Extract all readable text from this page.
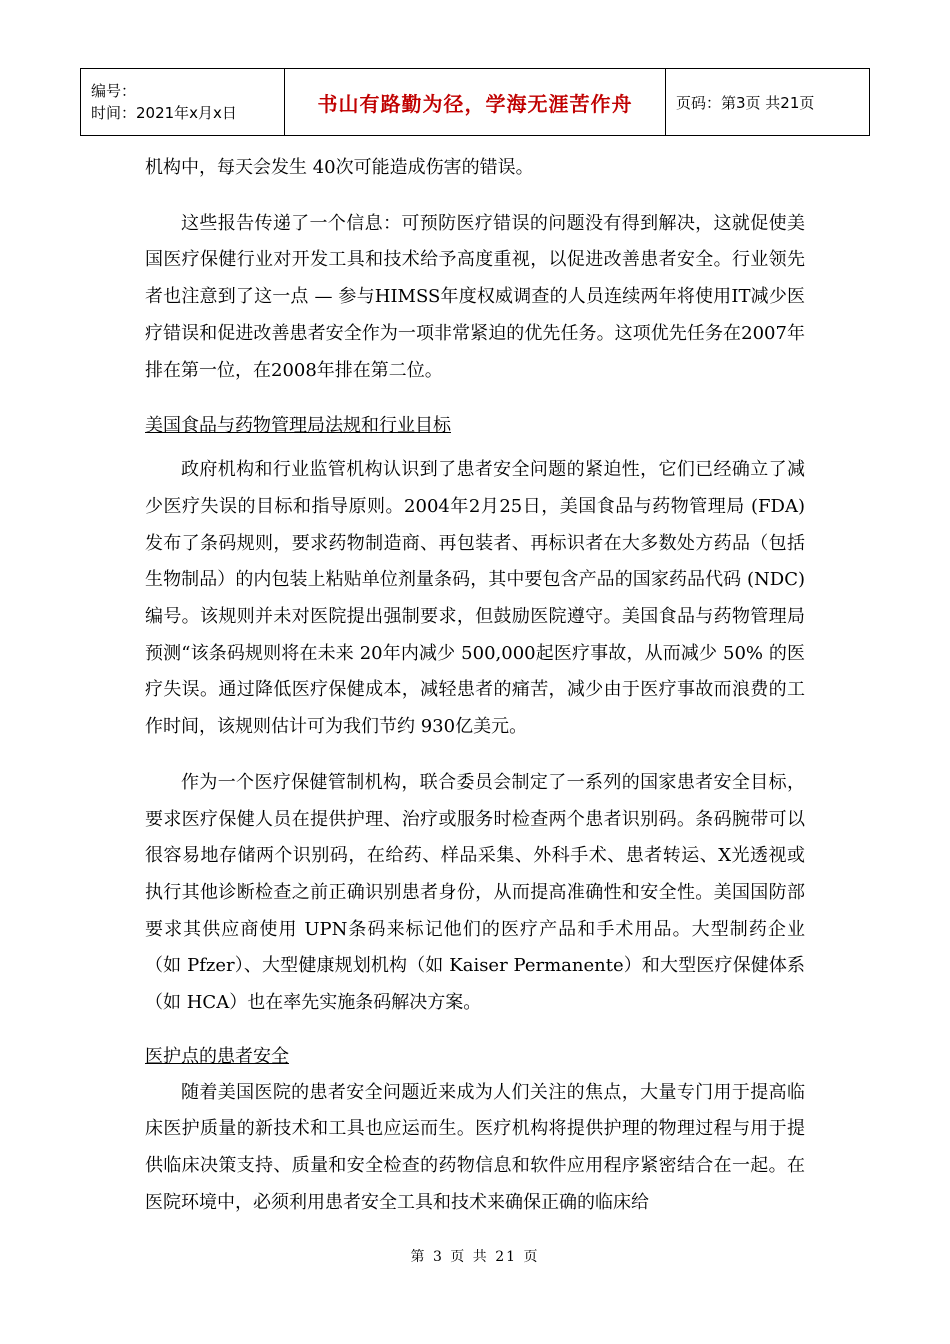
编号：
时间：2021年x月x日	书山有路勤为径，学海无涯苦作舟	页码：第3页 共21页

机构中，每天会发生 40次可能造成伤害的错误。

这些报告传递了一个信息：可预防医疗错误的问题没有得到解决，这就促使美国医疗保健行业对开发工具和技术给予高度重视，以促进改善患者安全。行业领先者也注意到了这一点 — 参与HIMSS年度权威调查的人员连续两年将使用IT减少医疗错误和促进改善患者安全作为一项非常紧迫的优先任务。这项优先任务在2007年排在第一位，在2008年排在第二位。

美国食品与药物管理局法规和行业目标

政府机构和行业监管机构认识到了患者安全问题的紧迫性，它们已经确立了减少医疗失误的目标和指导原则。2004年2月25日，美国食品与药物管理局 (FDA) 发布了条码规则，要求药物制造商、再包装者、再标识者在大多数处方药品（包括生物制品）的内包装上粘贴单位剂量条码，其中要包含产品的国家药品代码 (NDC) 编号。该规则并未对医院提出强制要求，但鼓励医院遵守。美国食品与药物管理局 预测“该条码规则将在未来 20年内减少 500,000起医疗事故，从而减少 50% 的医疗失误。通过降低医疗保健成本，减轻患者的痛苦，减少由于医疗事故而浪费的工作时间，该规则估计可为我们节约 930亿美元。

作为一个医疗保健管制机构，联合委员会制定了一系列的国家患者安全目标，要求医疗保健人员在提供护理、治疗或服务时检查两个患者识别码。条码腕带可以很容易地存储两个识别码，在给药、样品采集、外科手术、患者转运、X光透视或执行其他诊断检查之前正确识别患者身份，从而提高准确性和安全性。美国国防部要求其供应商使用 UPN条码来标记他们的医疗产品和手术用品。大型制药企业（如 Pfzer）、大型健康规划机构（如 Kaiser Permanente）和大型医疗保健体系（如 HCA）也在率先实施条码解决方案。

医护点的患者安全

随着美国医院的患者安全问题近来成为人们关注的焦点，大量专门用于提高临床医护质量的新技术和工具也应运而生。医疗机构将提供护理的物理过程与用于提供临床决策支持、质量和安全检查的药物信息和软件应用程序紧密结合在一起。在医院环境中，必须利用患者安全工具和技术来确保正确的临床给

第 3 页 共 21 页
